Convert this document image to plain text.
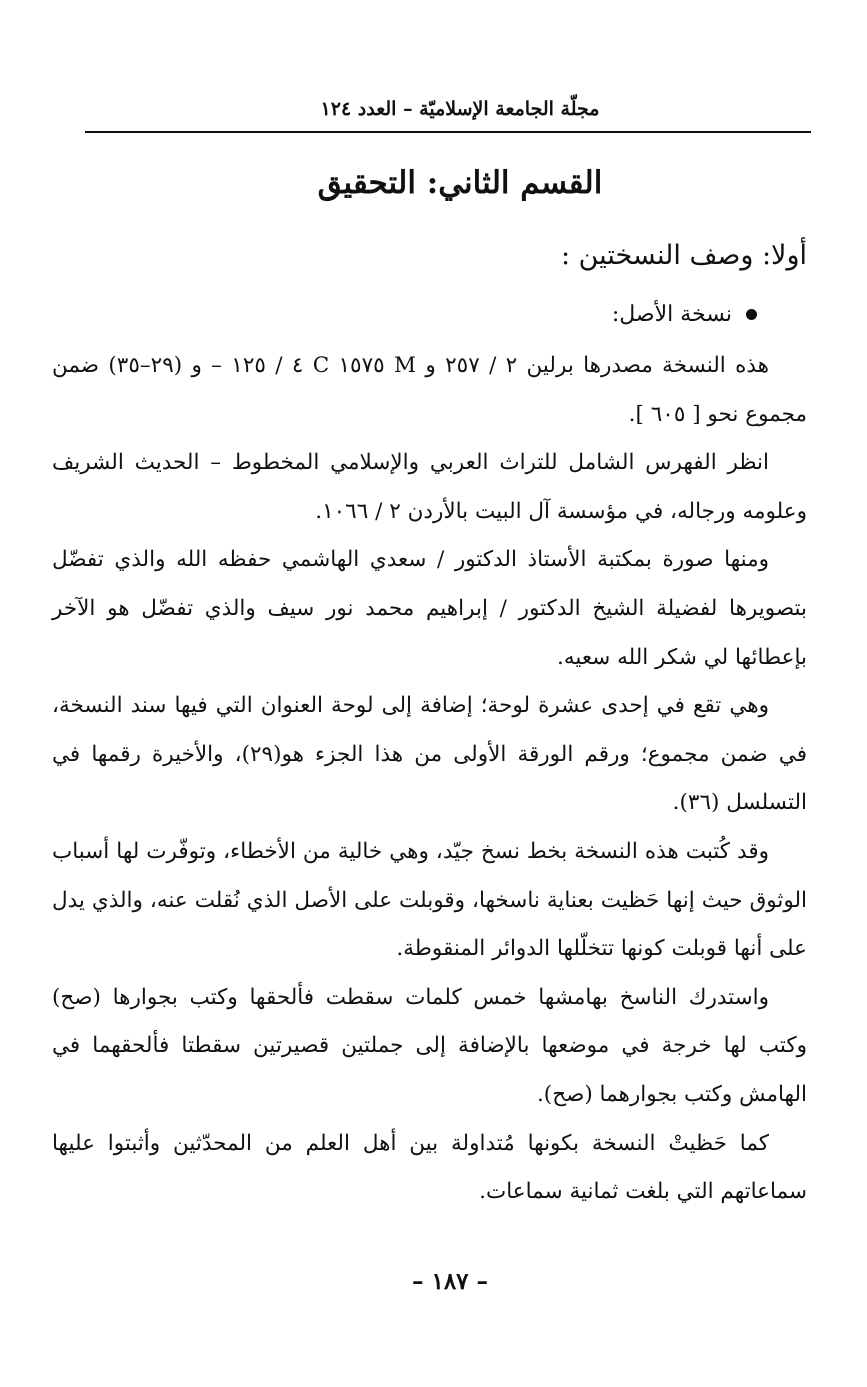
مجلّة الجامعة الإسلاميّة – العدد ١٢٤
القسم الثاني: التحقيق
أولا: وصف النسختين :
نسخة الأصل:

هذه النسخة مصدرها برلين ٢ / ٢٥٧ و M ١٥٧٥ C ٤ / ١٢٥ – و (٢٩–٣٥) ضمن مجموع نحو [ ٦٠٥ ].

انظر الفهرس الشامل للتراث العربي والإسلامي المخطوط – الحديث الشريف وعلومه ورجاله، في مؤسسة آل البيت بالأردن ٢ / ١٠٦٦.

ومنها صورة بمكتبة الأستاذ الدكتور / سعدي الهاشمي حفظه الله والذي تفضّل بتصويرها لفضيلة الشيخ الدكتور / إبراهيم محمد نور سيف والذي تفضّل هو الآخر بإعطائها لي شكر الله سعيه.

وهي تقع في إحدى عشرة لوحة؛ إضافة إلى لوحة العنوان التي فيها سند النسخة، في ضمن مجموع؛ ورقم الورقة الأولى من هذا الجزء هو(٢٩)، والأخيرة رقمها في التسلسل (٣٦).

وقد كُتبت هذه النسخة بخط نسخ جيّد، وهي خالية من الأخطاء، وتوفّرت لها أسباب الوثوق حيث إنها حَظيت بعناية ناسخها، وقوبلت على الأصل الذي نُقلت عنه، والذي يدل على أنها قوبلت كونها تتخلّلها الدوائر المنقوطة.

واستدرك الناسخ بهامشها خمس كلمات سقطت فألحقها وكتب بجوارها (صح) وكتب لها خرجة في موضعها بالإضافة إلى جملتين قصيرتين سقطتا فألحقهما في الهامش وكتب بجوارهما (صح).

كما حَظيتْ النسخة بكونها مُتداولة بين أهل العلم من المحدّثين وأثبتوا عليها سماعاتهم التي بلغت ثمانية سماعات.

– ١٨٧ –
